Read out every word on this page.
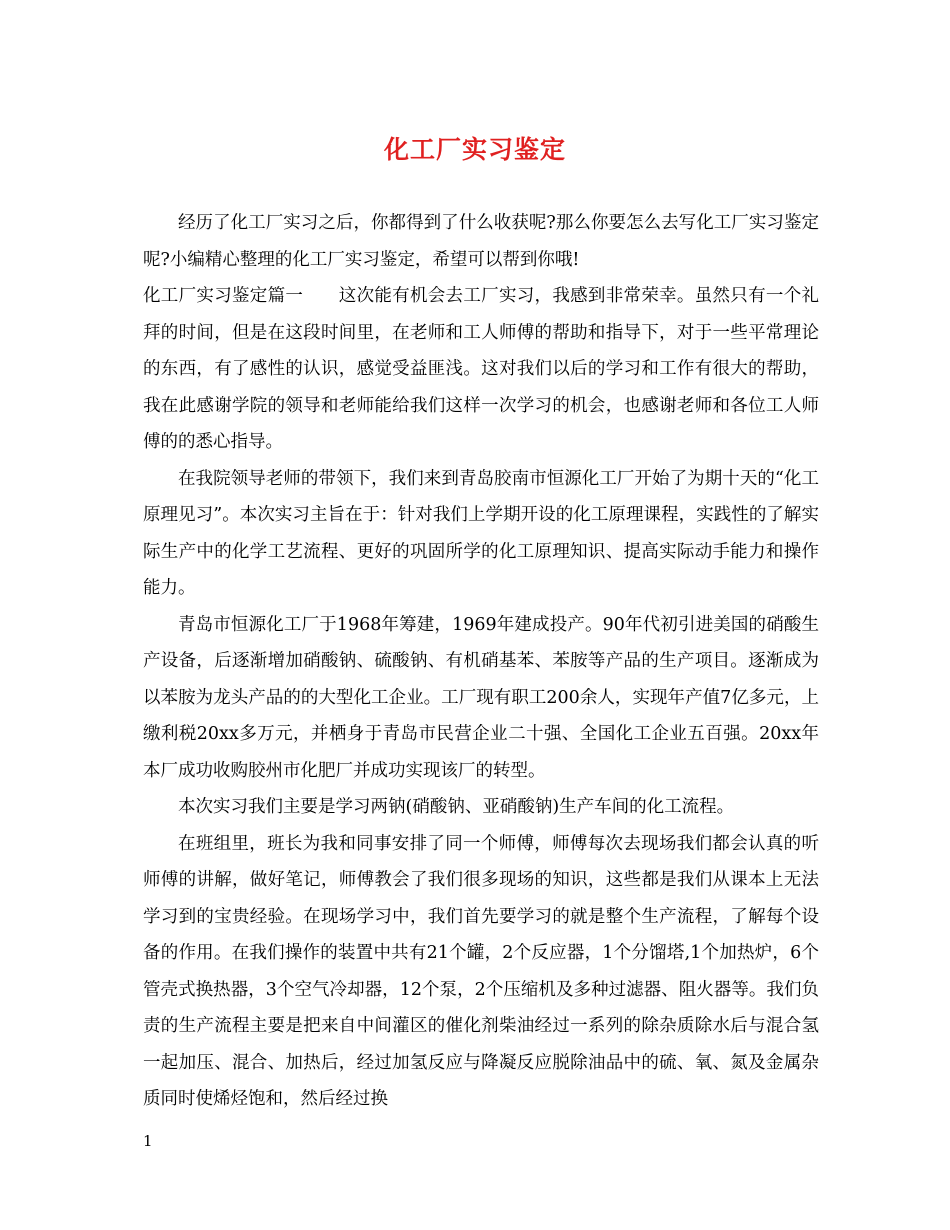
化工厂实习鉴定

经历了化工厂实习之后，你都得到了什么收获呢?那么你要怎么去写化工厂实习鉴定呢?小编精心整理的化工厂实习鉴定，希望可以帮到你哦!

化工厂实习鉴定篇一　　这次能有机会去工厂实习，我感到非常荣幸。虽然只有一个礼拜的时间，但是在这段时间里，在老师和工人师傅的帮助和指导下，对于一些平常理论的东西，有了感性的认识，感觉受益匪浅。这对我们以后的学习和工作有很大的帮助，我在此感谢学院的领导和老师能给我们这样一次学习的机会，也感谢老师和各位工人师傅的的悉心指导。

在我院领导老师的带领下，我们来到青岛胶南市恒源化工厂开始了为期十天的“化工原理见习”。本次实习主旨在于：针对我们上学期开设的化工原理课程，实践性的了解实际生产中的化学工艺流程、更好的巩固所学的化工原理知识、提高实际动手能力和操作能力。

青岛市恒源化工厂于1968年筹建，1969年建成投产。90年代初引进美国的硝酸生产设备，后逐渐增加硝酸钠、硫酸钠、有机硝基苯、苯胺等产品的生产项目。逐渐成为以苯胺为龙头产品的的大型化工企业。工厂现有职工200余人，实现年产值7亿多元，上缴利税20xx多万元，并栖身于青岛市民营企业二十强、全国化工企业五百强。20xx年本厂成功收购胶州市化肥厂并成功实现该厂的转型。

本次实习我们主要是学习两钠(硝酸钠、亚硝酸钠)生产车间的化工流程。

在班组里，班长为我和同事安排了同一个师傅，师傅每次去现场我们都会认真的听师傅的讲解，做好笔记，师傅教会了我们很多现场的知识，这些都是我们从课本上无法学习到的宝贵经验。在现场学习中，我们首先要学习的就是整个生产流程，了解每个设备的作用。在我们操作的装置中共有21个罐，2个反应器，1个分馏塔,1个加热炉，6个管壳式换热器，3个空气冷却器，12个泵，2个压缩机及多种过滤器、阻火器等。我们负责的生产流程主要是把来自中间灌区的催化剂柴油经过一系列的除杂质除水后与混合氢一起加压、混合、加热后，经过加氢反应与降凝反应脱除油品中的硫、氧、氮及金属杂质同时使烯烃饱和，然后经过换

1
